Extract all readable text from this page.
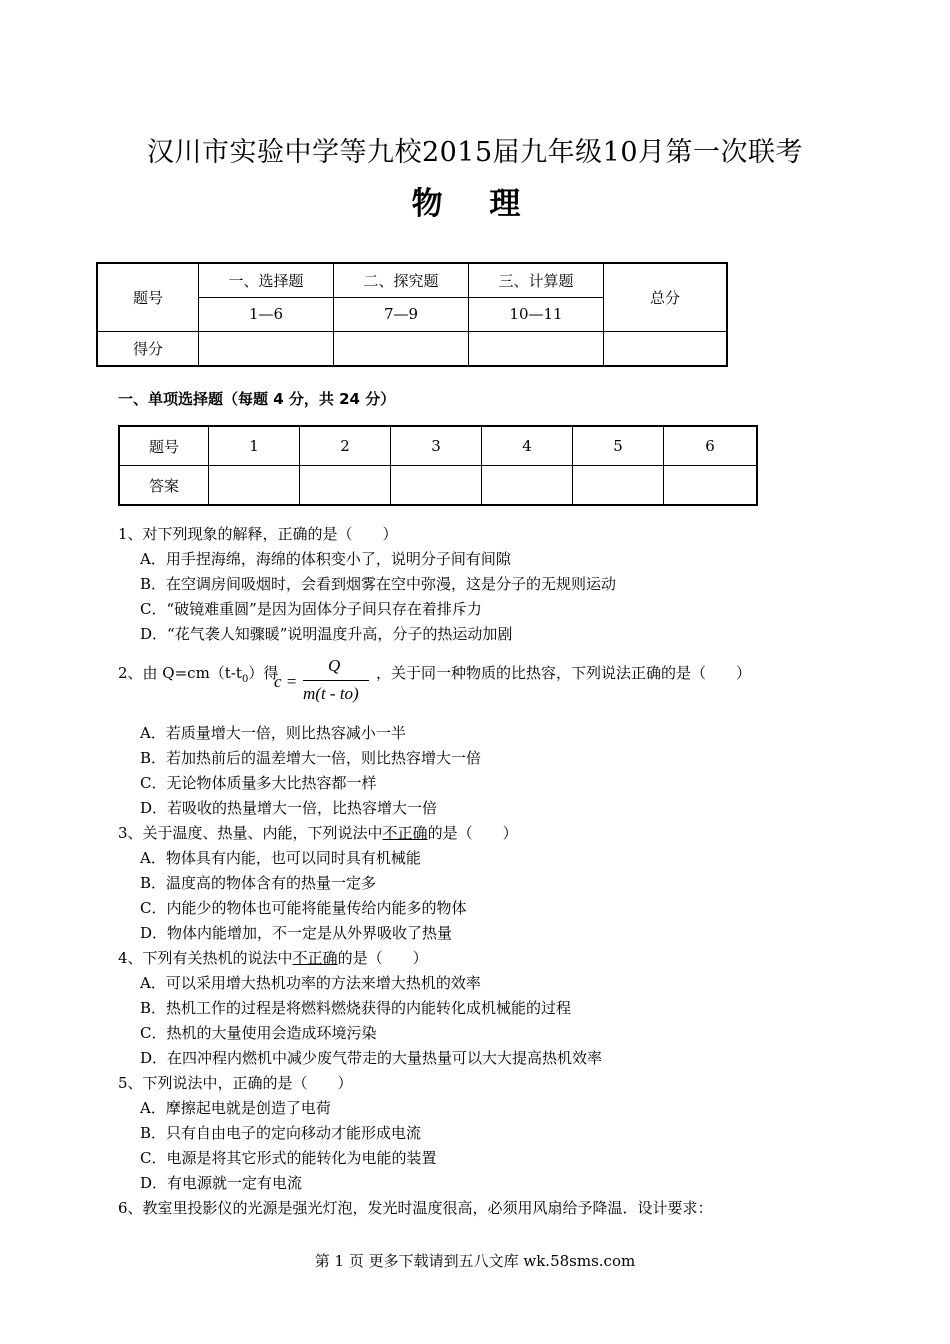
汉川市实验中学等九校2015届九年级10月第一次联考
物 理
题号	一、选择题	二、探究题	三、计算题	总分
	1—6	7—9	10—11	
得分				
一、单项选择题（每题 4 分，共 24 分）
题号	1	2	3	4	5	6
答案						
1、对下列现象的解释，正确的是（　　）
A．用手捏海绵，海绵的体积变小了，说明分子间有间隙
B．在空调房间吸烟时，会看到烟雾在空中弥漫，这是分子的无规则运动
C．“破镜难重圆”是因为固体分子间只存在着排斥力
D．“花气袭人知骤暖”说明温度升高，分子的热运动加剧
2、由 $Q=cm(t-t_0)$得
c =
Q
m(t - to)
，关于同一种物质的比热容，下列说法正确的是（　　）
A．若质量增大一倍，则比热容减小一半
B．若加热前后的温差增大一倍，则比热容增大一倍
C．无论物体质量多大比热容都一样
D．若吸收的热量增大一倍，比热容增大一倍
3、关于温度、热量、内能，下列说法中不正确的是（　　）
A．物体具有内能，也可以同时具有机械能
B．温度高的物体含有的热量一定多
C．内能少的物体也可能将能量传给内能多的物体
D．物体内能增加，不一定是从外界吸收了热量
4、下列有关热机的说法中不正确的是（　　）
A．可以采用增大热机功率的方法来增大热机的效率
B．热机工作的过程是将燃料燃烧获得的内能转化成机械能的过程
C．热机的大量使用会造成环境污染
D．在四冲程内燃机中减少废气带走的大量热量可以大大提高热机效率
5、下列说法中，正确的是（　　）
A．摩擦起电就是创造了电荷
B．只有自由电子的定向移动才能形成电流
C．电源是将其它形式的能转化为电能的装置
D．有电源就一定有电流
6、教室里投影仪的光源是强光灯泡，发光时温度很高，必须用风扇给予降温．设计要求：
第 1 页 更多下载请到五八文库 wk.58sms.com
